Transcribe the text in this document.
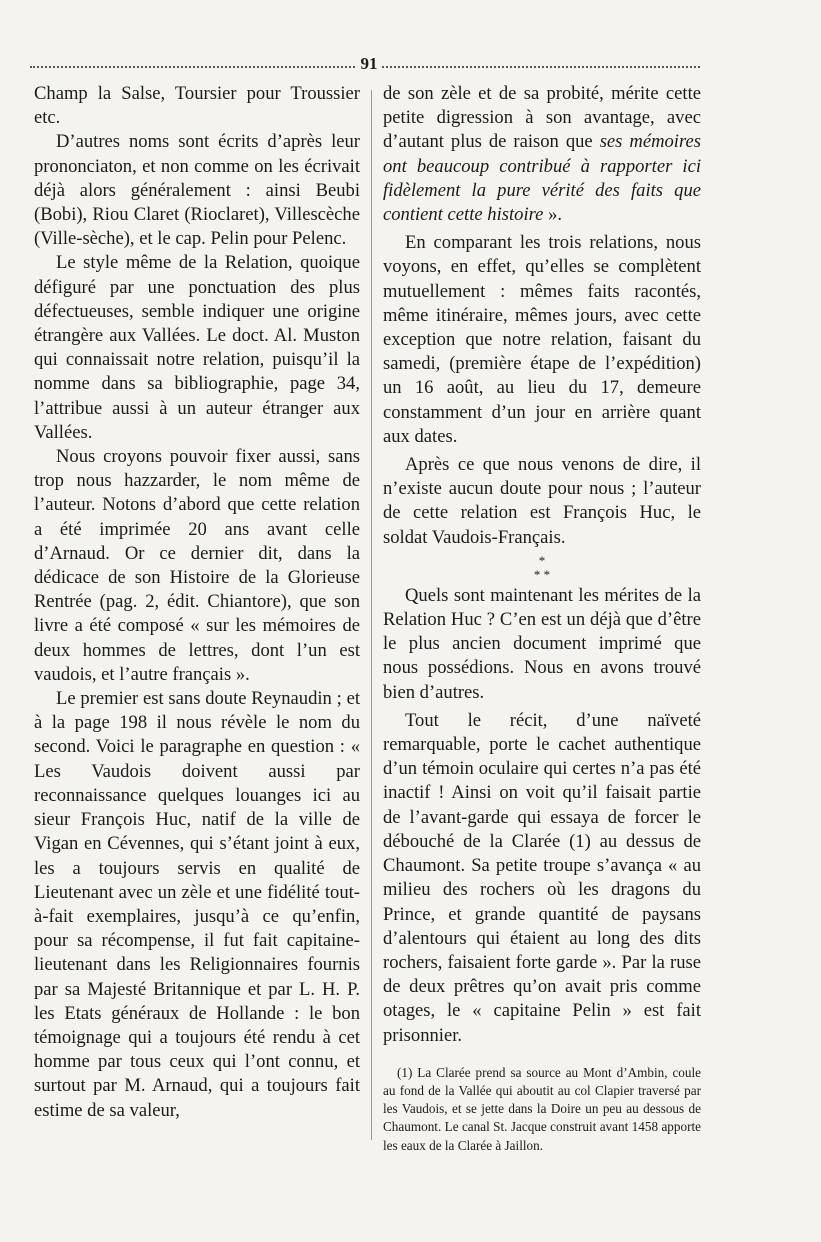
91

Champ la Salse, Toursier pour Troussier etc.

D’autres noms sont écrits d’après leur prononciaton, et non comme on les écrivait déjà alors généralement : ainsi Beubi (Bobi), Riou Claret (Rioclaret), Villescèche (Ville-sèche), et le cap. Pelin pour Pelenc.

Le style même de la Relation, quoique défiguré par une ponctuation des plus défectueuses, semble indiquer une origine étrangère aux Vallées. Le doct. Al. Muston qui connaissait notre relation, puisqu’il la nomme dans sa bibliographie, page 34, l’attribue aussi à un auteur étranger aux Vallées.

Nous croyons pouvoir fixer aussi, sans trop nous hazzarder, le nom même de l’auteur. Notons d’abord que cette relation a été imprimée 20 ans avant celle d’Arnaud. Or ce dernier dit, dans la dédicace de son Histoire de la Glorieuse Rentrée (pag. 2, édit. Chiantore), que son livre a été composé « sur les mémoires de deux hommes de lettres, dont l’un est vaudois, et l’autre français ».

Le premier est sans doute Reynaudin ; et à la page 198 il nous révèle le nom du second. Voici le paragraphe en question : « Les Vaudois doivent aussi par reconnaissance quelques louanges ici au sieur François Huc, natif de la ville de Vigan en Cévennes, qui s’étant joint à eux, les a toujours servis en qualité de Lieutenant avec un zèle et une fidélité tout-à-fait exemplaires, jusqu’à ce qu’enfin, pour sa récompense, il fut fait capitaine-lieutenant dans les Religionnaires fournis par sa Majesté Britannique et par L. H. P. les Etats généraux de Hollande : le bon témoignage qui a toujours été rendu à cet homme par tous ceux qui l’ont connu, et surtout par M. Arnaud, qui a toujours fait estime de sa valeur,

de son zèle et de sa probité, mérite cette petite digression à son avantage, avec d’autant plus de raison que ses mémoires ont beaucoup contribué à rapporter ici fidèlement la pure vérité des faits que contient cette histoire ».

En comparant les trois relations, nous voyons, en effet, qu’elles se complètent mutuellement : mêmes faits racontés, même itinéraire, mêmes jours, avec cette exception que notre relation, faisant du samedi, (première étape de l’expédition) un 16 août, au lieu du 17, demeure constamment d’un jour en arrière quant aux dates.

Après ce que nous venons de dire, il n’existe aucun doute pour nous ; l’auteur de cette relation est François Huc, le soldat Vaudois-Français.

*
* *

Quels sont maintenant les mérites de la Relation Huc ? C’en est un déjà que d’être le plus ancien document imprimé que nous possédions. Nous en avons trouvé bien d’autres.

Tout le récit, d’une naïveté remarquable, porte le cachet authentique d’un témoin oculaire qui certes n’a pas été inactif ! Ainsi on voit qu’il faisait partie de l’avant-garde qui essaya de forcer le débouché de la Clarée (1) au dessus de Chaumont. Sa petite troupe s’avança « au milieu des rochers où les dragons du Prince, et grande quantité de paysans d’alentours qui étaient au long des dits rochers, faisaient forte garde ». Par la ruse de deux prêtres qu’on avait pris comme otages, le « capitaine Pelin » est fait prisonnier.

(1) La Clarée prend sa source au Mont d’Ambin, coule au fond de la Vallée qui aboutit au col Clapier traversé par les Vaudois, et se jette dans la Doire un peu au dessous de Chaumont. Le canal St. Jacque construit avant 1458 apporte les eaux de la Clarée à Jaillon.
